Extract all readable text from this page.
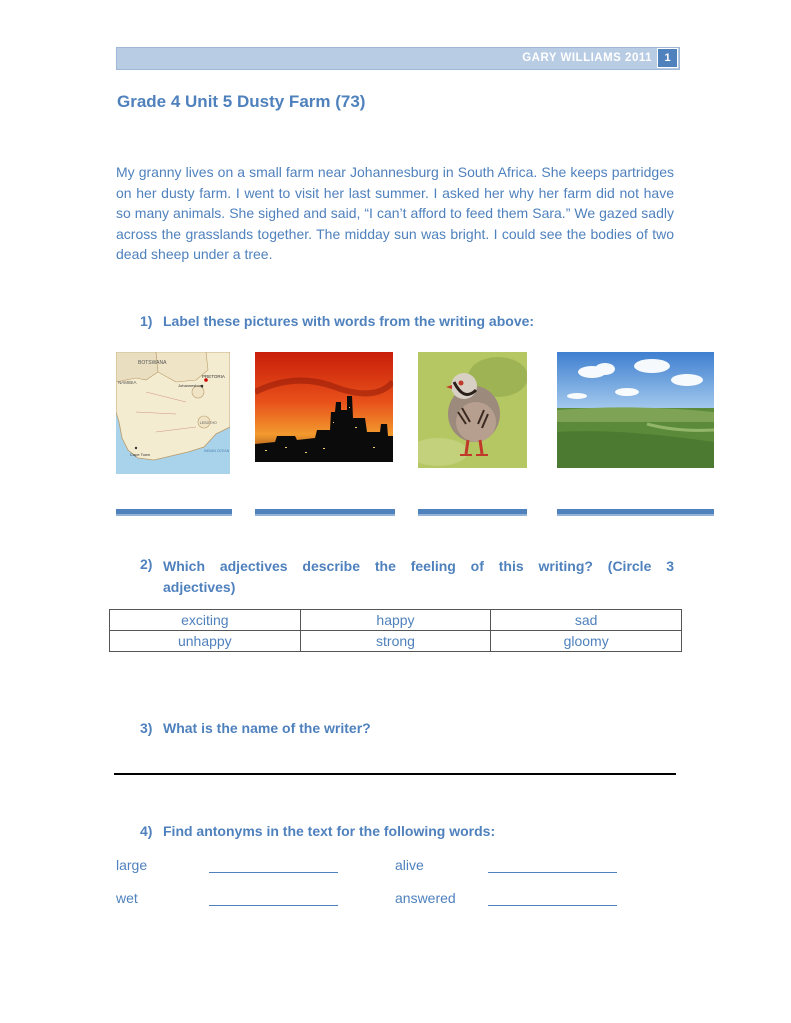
GARY WILLIAMS 2011	1
Grade 4 Unit 5 Dusty Farm (73)
My granny lives on a small farm near Johannesburg in South Africa. She keeps partridges on her dusty farm. I went to visit her last summer. I asked her why her farm did not have so many animals. She sighed and said, “I can’t afford to feed them Sara.” We gazed sadly across the grasslands together. The midday sun was bright. I could see the bodies of two dead sheep under a tree.
1) Label these pictures with words from the writing above:
BOTSWANA
NAMIBIA
PRETORIA
Johannesburg
LESOTHO
Cape Town
INDIAN OCEAN
2) Which adjectives describe the feeling of this writing? (Circle 3 adjectives)
exciting	happy	sad
unhappy	strong	gloomy
3) What is the name of the writer?
4) Find antonyms in the text for the following words:
large	alive
wet	answered
